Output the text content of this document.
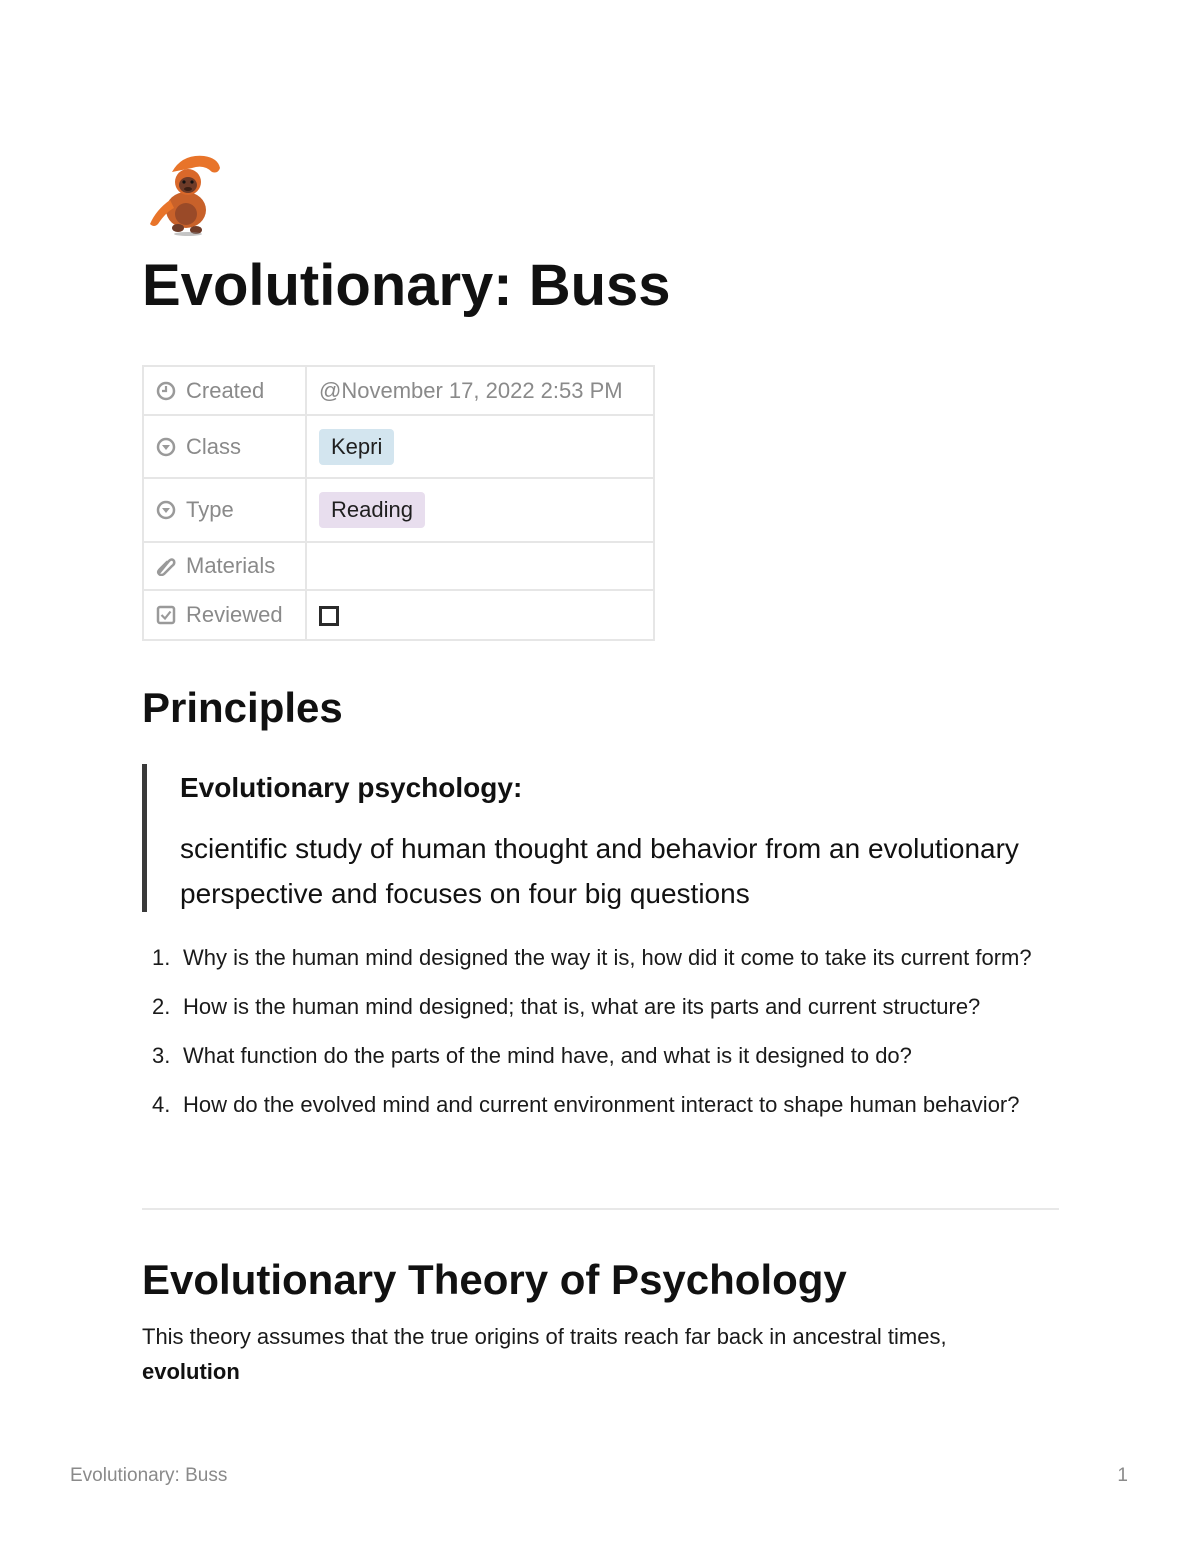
Evolutionary: Buss
Created	@November 17, 2022 2:53 PM

Class	Kepri

Type	Reading

Materials	

Reviewed	

Principles
Evolutionary psychology:
scientific study of human thought and behavior from an evolutionary perspective and focuses on four big questions
1. Why is the human mind designed the way it is, how did it come to take its current form?
2. How is the human mind designed; that is, what are its parts and current structure?
3. What function do the parts of the mind have, and what is it designed to do?
4. How do the evolved mind and current environment interact to shape human behavior?
Evolutionary Theory of Psychology
This theory assumes that the true origins of traits reach far back in ancestral times,
evolution
Evolutionary: Buss	1
